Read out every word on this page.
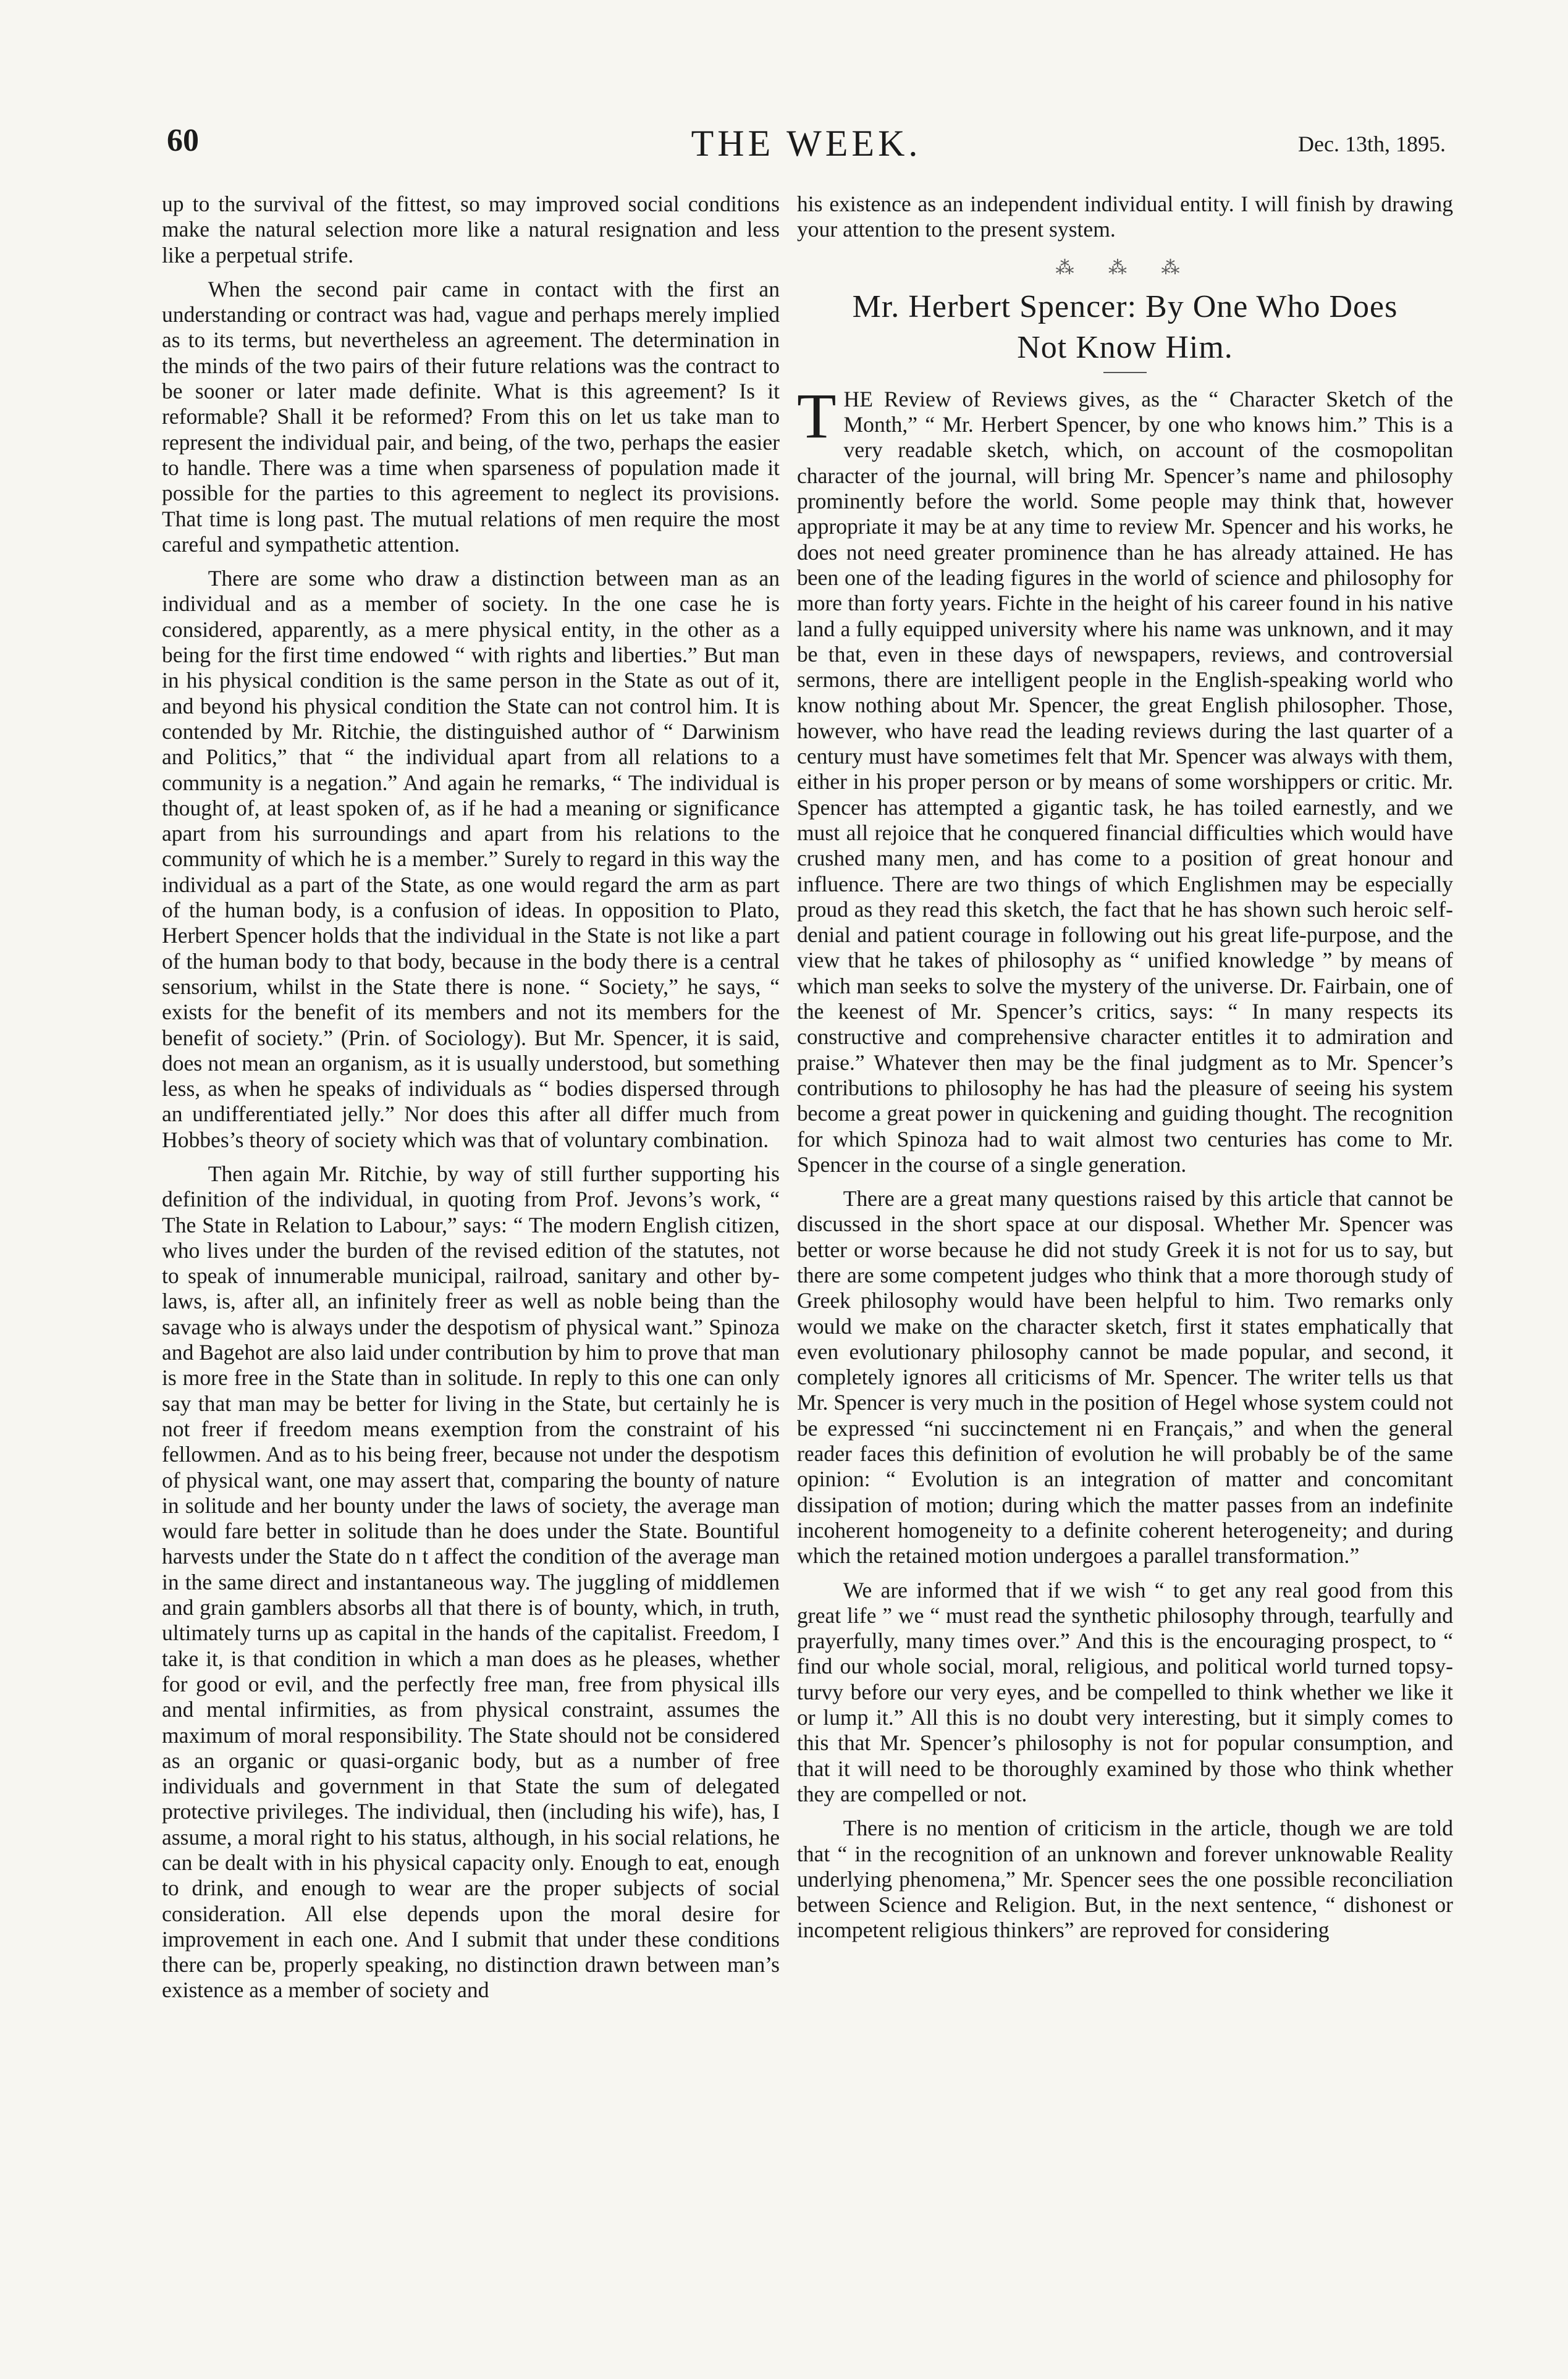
60	THE WEEK.	Dec. 13th, 1895.

up to the survival of the fittest, so may improved social conditions make the natural selection more like a natural resignation and less like a perpetual strife.

When the second pair came in contact with the first an understanding or contract was had, vague and perhaps merely implied as to its terms, but nevertheless an agreement. The determination in the minds of the two pairs of their future relations was the contract to be sooner or later made definite. What is this agreement? Is it reformable? Shall it be reformed? From this on let us take man to represent the individual pair, and being, of the two, perhaps the easier to handle. There was a time when sparseness of population made it possible for the parties to this agreement to neglect its provisions. That time is long past. The mutual relations of men require the most careful and sympathetic attention.

There are some who draw a distinction between man as an individual and as a member of society. In the one case he is considered, apparently, as a mere physical entity, in the other as a being for the first time endowed “ with rights and liberties.” But man in his physical condition is the same person in the State as out of it, and beyond his physical condition the State can not control him. It is contended by Mr. Ritchie, the distinguished author of “ Darwinism and Politics,” that “ the individual apart from all relations to a community is a negation.” And again he remarks, “ The individual is thought of, at least spoken of, as if he had a meaning or significance apart from his surroundings and apart from his relations to the community of which he is a member.” Surely to regard in this way the individual as a part of the State, as one would regard the arm as part of the human body, is a confusion of ideas. In opposition to Plato, Herbert Spencer holds that the individual in the State is not like a part of the human body to that body, because in the body there is a central sensorium, whilst in the State there is none. “ Society,” he says, “ exists for the benefit of its members and not its members for the benefit of society.” (Prin. of Sociology). But Mr. Spencer, it is said, does not mean an organism, as it is usually understood, but something less, as when he speaks of individuals as “ bodies dispersed through an undifferentiated jelly.” Nor does this after all differ much from Hobbes’s theory of society which was that of voluntary combination.

Then again Mr. Ritchie, by way of still further supporting his definition of the individual, in quoting from Prof. Jevons’s work, “ The State in Relation to Labour,” says: “ The modern English citizen, who lives under the burden of the revised edition of the statutes, not to speak of innumerable municipal, railroad, sanitary and other by-laws, is, after all, an infinitely freer as well as noble being than the savage who is always under the despotism of physical want.” Spinoza and Bagehot are also laid under contribution by him to prove that man is more free in the State than in solitude. In reply to this one can only say that man may be better for living in the State, but certainly he is not freer if freedom means exemption from the constraint of his fellowmen. And as to his being freer, because not under the despotism of physical want, one may assert that, comparing the bounty of nature in solitude and her bounty under the laws of society, the average man would fare better in solitude than he does under the State. Bountiful harvests under the State do n t affect the condition of the average man in the same direct and instantaneous way. The juggling of middlemen and grain gamblers absorbs all that there is of bounty, which, in truth, ultimately turns up as capital in the hands of the capitalist. Freedom, I take it, is that condition in which a man does as he pleases, whether for good or evil, and the perfectly free man, free from physical ills and mental infirmities, as from physical constraint, assumes the maximum of moral responsibility. The State should not be considered as an organic or quasi-organic body, but as a number of free individuals and government in that State the sum of delegated protective privileges. The individual, then (including his wife), has, I assume, a moral right to his status, although, in his social relations, he can be dealt with in his physical capacity only. Enough to eat, enough to drink, and enough to wear are the proper subjects of social consideration. All else depends upon the moral desire for improvement in each one. And I submit that under these conditions there can be, properly speaking, no distinction drawn between man’s existence as a member of society and

his existence as an independent individual entity. I will finish by drawing your attention to the present system.

⁂ ⁂ ⁂
Mr. Herbert Spencer: By One Who Does
Not Know Him.

THE Review of Reviews gives, as the “ Character Sketch of the Month,” “ Mr. Herbert Spencer, by one who knows him.” This is a very readable sketch, which, on account of the cosmopolitan character of the journal, will bring Mr. Spencer’s name and philosophy prominently before the world. Some people may think that, however appropriate it may be at any time to review Mr. Spencer and his works, he does not need greater prominence than he has already attained. He has been one of the leading figures in the world of science and philosophy for more than forty years. Fichte in the height of his career found in his native land a fully equipped university where his name was unknown, and it may be that, even in these days of newspapers, reviews, and controversial sermons, there are intelligent people in the English-speaking world who know nothing about Mr. Spencer, the great English philosopher. Those, however, who have read the leading reviews during the last quarter of a century must have sometimes felt that Mr. Spencer was always with them, either in his proper person or by means of some worshippers or critic. Mr. Spencer has attempted a gigantic task, he has toiled earnestly, and we must all rejoice that he conquered financial difficulties which would have crushed many men, and has come to a position of great honour and influence. There are two things of which Englishmen may be especially proud as they read this sketch, the fact that he has shown such heroic self-denial and patient courage in following out his great life-purpose, and the view that he takes of philosophy as “ unified knowledge ” by means of which man seeks to solve the mystery of the universe. Dr. Fairbain, one of the keenest of Mr. Spencer’s critics, says: “ In many respects its constructive and comprehensive character entitles it to admiration and praise.” Whatever then may be the final judgment as to Mr. Spencer’s contributions to philosophy he has had the pleasure of seeing his system become a great power in quickening and guiding thought. The recognition for which Spinoza had to wait almost two centuries has come to Mr. Spencer in the course of a single generation.

There are a great many questions raised by this article that cannot be discussed in the short space at our disposal. Whether Mr. Spencer was better or worse because he did not study Greek it is not for us to say, but there are some competent judges who think that a more thorough study of Greek philosophy would have been helpful to him. Two remarks only would we make on the character sketch, first it states emphatically that even evolutionary philosophy cannot be made popular, and second, it completely ignores all criticisms of Mr. Spencer. The writer tells us that Mr. Spencer is very much in the position of Hegel whose system could not be expressed “ni succinctement ni en Français,” and when the general reader faces this definition of evolution he will probably be of the same opinion: “ Evolution is an integration of matter and concomitant dissipation of motion; during which the matter passes from an indefinite incoherent homogeneity to a definite coherent heterogeneity; and during which the retained motion undergoes a parallel transformation.”

We are informed that if we wish “ to get any real good from this great life ” we “ must read the synthetic philosophy through, tearfully and prayerfully, many times over.” And this is the encouraging prospect, to “ find our whole social, moral, religious, and political world turned topsy-turvy before our very eyes, and be compelled to think whether we like it or lump it.” All this is no doubt very interesting, but it simply comes to this that Mr. Spencer’s philosophy is not for popular consumption, and that it will need to be thoroughly examined by those who think whether they are compelled or not.

There is no mention of criticism in the article, though we are told that “ in the recognition of an unknown and forever unknowable Reality underlying phenomena,” Mr. Spencer sees the one possible reconciliation between Science and Religion. But, in the next sentence, “ dishonest or incompetent religious thinkers” are reproved for considering
